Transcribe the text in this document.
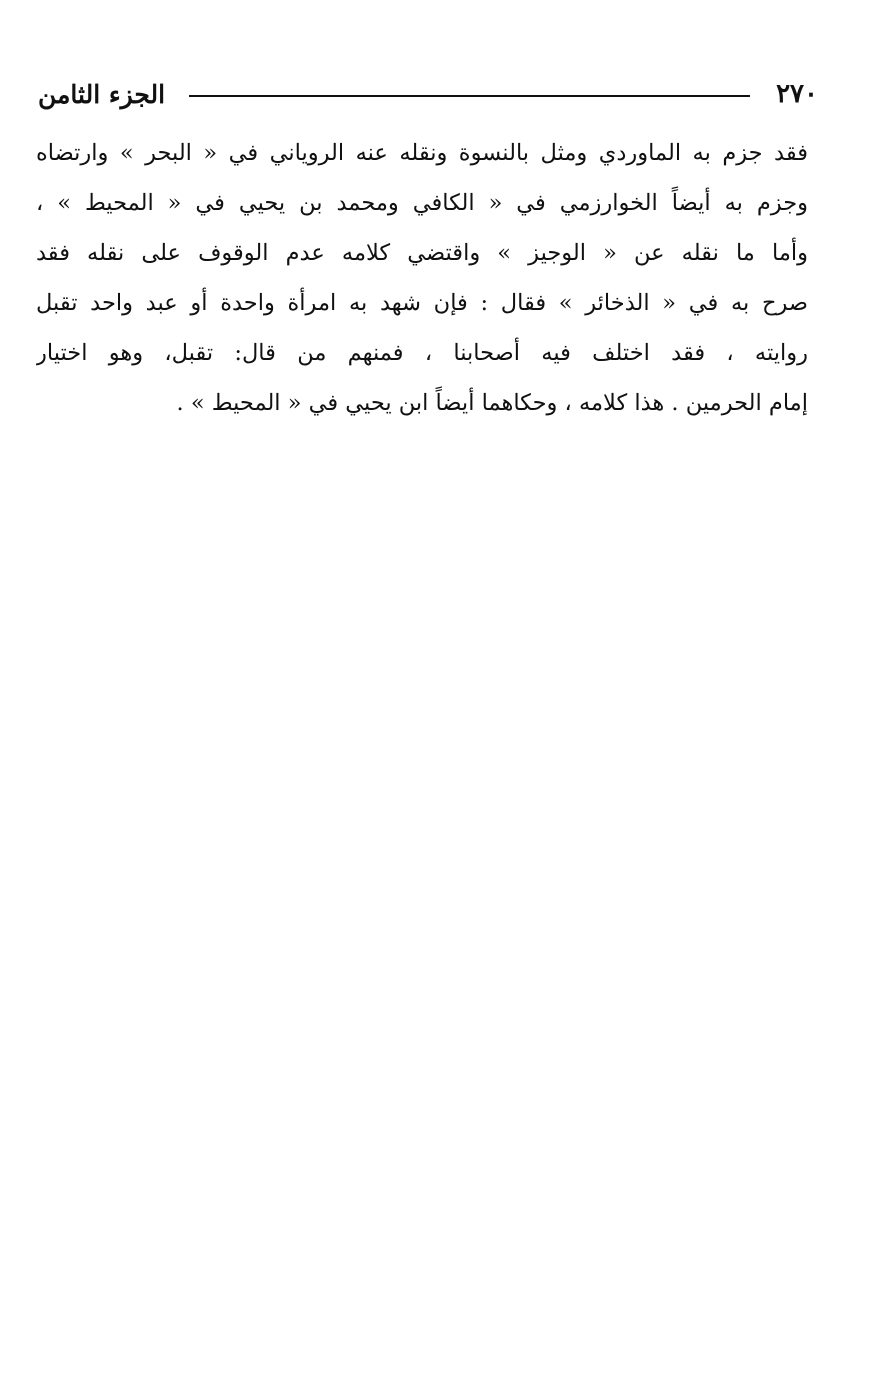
٢٧٠
الجزء الثامن
فقد جزم به الماوردي ومثل بالنسوة ونقله عنه الروياني في « البحر » وارتضاه
وجزم به أيضاً الخوارزمي في « الكافي ومحمد بن يحيي في « المحيط » ،
وأما ما نقله عن « الوجيز » واقتضي كلامه عدم الوقوف على نقله فقد
صرح به في « الذخائر » فقال : فإن شهد به امرأة واحدة أو عبد واحد تقبل
روايته ، فقد اختلف فيه أصحابنا ، فمنهم من قال: تقبل، وهو اختيار
إمام الحرمين . هذا كلامه ، وحكاهما أيضاً ابن يحيي في « المحيط » .
